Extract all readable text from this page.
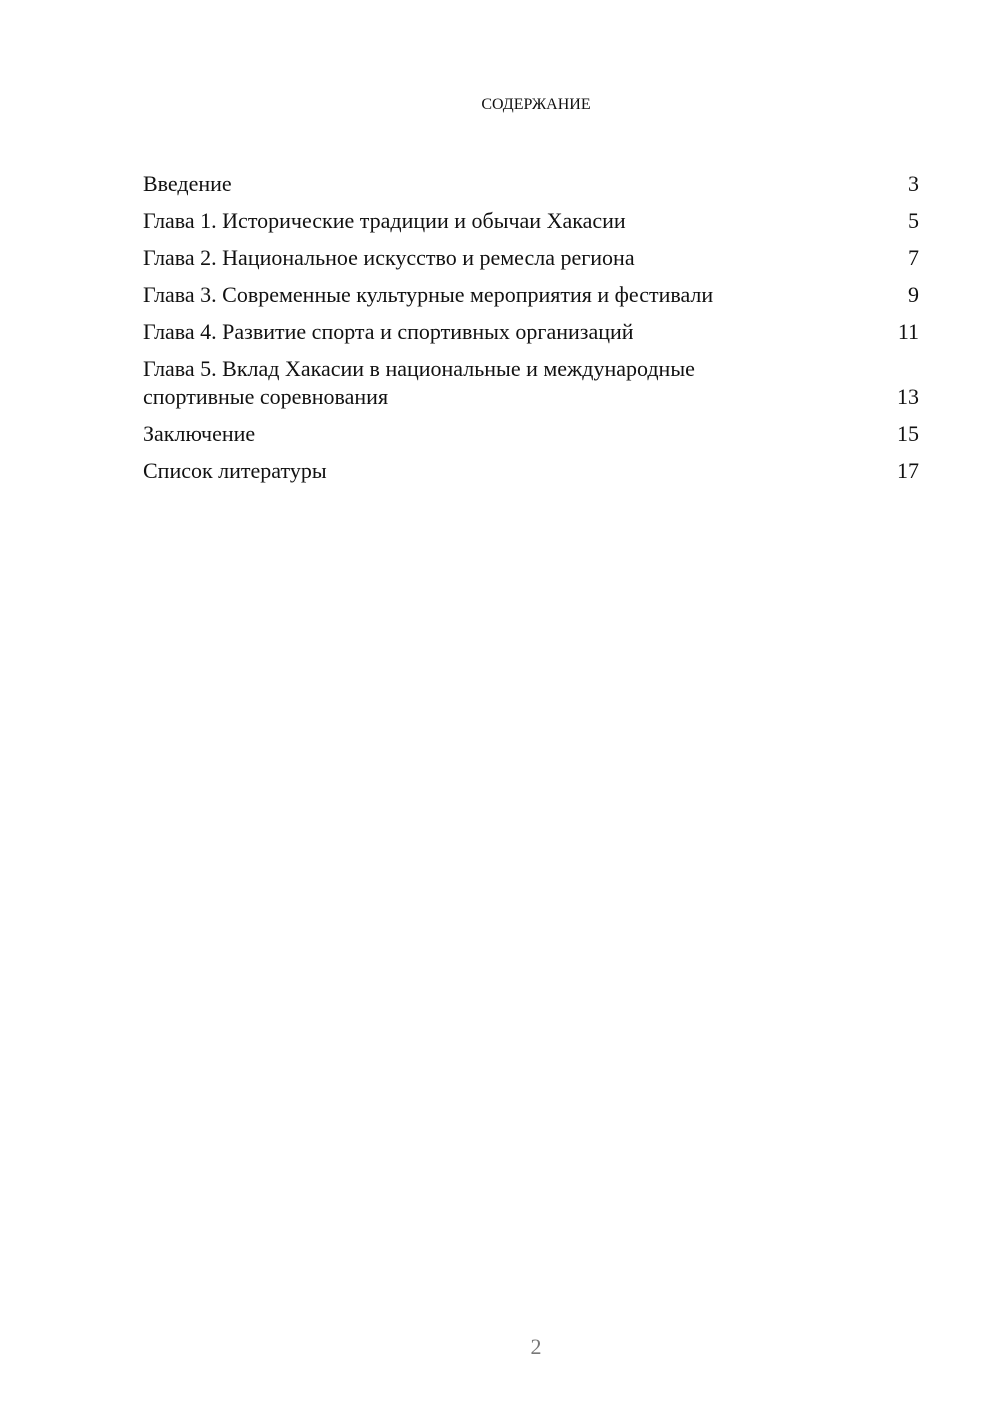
СОДЕРЖАНИЕ
Введение	3
Глава 1. Исторические традиции и обычаи Хакасии	5
Глава 2. Национальное искусство и ремесла региона	7
Глава 3. Современные культурные мероприятия и фестивали	9
Глава 4. Развитие спорта и спортивных организаций	11
Глава 5. Вклад Хакасии в национальные и международные спортивные соревнования	13
Заключение	15
Список литературы	17
2
